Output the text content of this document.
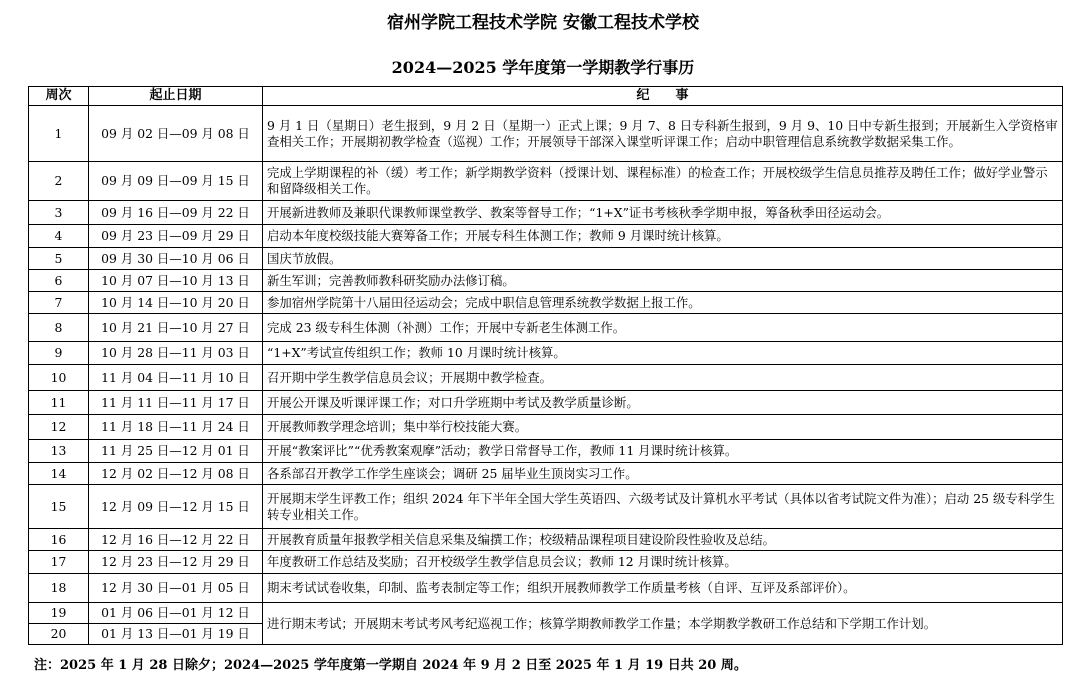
宿州学院工程技术学院 安徽工程技术学校
2024—2025 学年度第一学期教学行事历
周次	起止日期	纪　　事
1	09 月 02 日—09 月 08 日	9 月 1 日（星期日）老生报到，9 月 2 日（星期一）正式上课；9 月 7、8 日专科新生报到，9 月 9、10 日中专新生报到；开展新生入学资格审查相关工作；开展期初教学检查（巡视）工作；开展领导干部深入课堂听评课工作；启动中职管理信息系统教学数据采集工作。
2	09 月 09 日—09 月 15 日	完成上学期课程的补（缓）考工作；新学期教学资料（授课计划、课程标准）的检查工作；开展校级学生信息员推荐及聘任工作；做好学业警示和留降级相关工作。
3	09 月 16 日—09 月 22 日	开展新进教师及兼职代课教师课堂教学、教案等督导工作；“1+X”证书考核秋季学期申报，筹备秋季田径运动会。
4	09 月 23 日—09 月 29 日	启动本年度校级技能大赛筹备工作；开展专科生体测工作；教师 9 月课时统计核算。
5	09 月 30 日—10 月 06 日	国庆节放假。
6	10 月 07 日—10 月 13 日	新生军训；完善教师教科研奖励办法修订稿。
7	10 月 14 日—10 月 20 日	参加宿州学院第十八届田径运动会；完成中职信息管理系统教学数据上报工作。
8	10 月 21 日—10 月 27 日	完成 23 级专科生体测（补测）工作；开展中专新老生体测工作。
9	10 月 28 日—11 月 03 日	“1+X”考试宣传组织工作；教师 10 月课时统计核算。
10	11 月 04 日—11 月 10 日	召开期中学生教学信息员会议；开展期中教学检查。
11	11 月 11 日—11 月 17 日	开展公开课及听课评课工作；对口升学班期中考试及教学质量诊断。
12	11 月 18 日—11 月 24 日	开展教师教学理念培训；集中举行校技能大赛。
13	11 月 25 日—12 月 01 日	开展“教案评比”“优秀教案观摩”活动；教学日常督导工作，教师 11 月课时统计核算。
14	12 月 02 日—12 月 08 日	各系部召开教学工作学生座谈会；调研 25 届毕业生顶岗实习工作。
15	12 月 09 日—12 月 15 日	开展期末学生评教工作；组织 2024 年下半年全国大学生英语四、六级考试及计算机水平考试（具体以省考试院文件为准）；启动 25 级专科学生转专业相关工作。
16	12 月 16 日—12 月 22 日	开展教育质量年报教学相关信息采集及编撰工作；校级精品课程项目建设阶段性验收及总结。
17	12 月 23 日—12 月 29 日	年度教研工作总结及奖励；召开校级学生教学信息员会议；教师 12 月课时统计核算。
18	12 月 30 日—01 月 05 日	期末考试试卷收集，印制、监考表制定等工作；组织开展教师教学工作质量考核（自评、互评及系部评价）。
19	01 月 06 日—01 月 12 日	进行期末考试；开展期末考试考风考纪巡视工作；核算学期教师教学工作量；本学期教学教研工作总结和下学期工作计划。
20	01 月 13 日—01 月 19 日	
注：2025 年 1 月 28 日除夕；2024—2025 学年度第一学期自 2024 年 9 月 2 日至 2025 年 1 月 19 日共 20 周。
